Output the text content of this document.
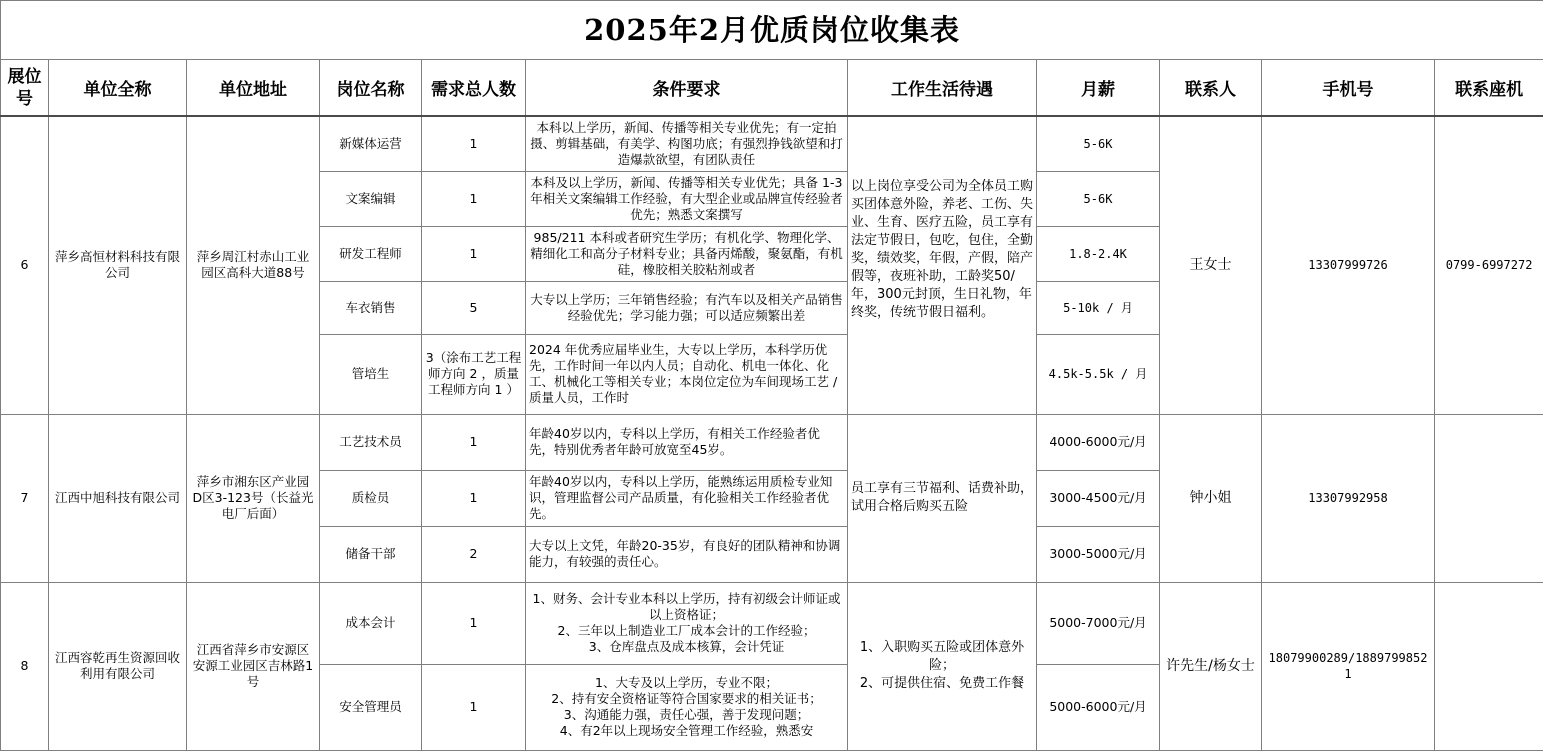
2025年2月优质岗位收集表										
展位号	单位全称	单位地址	岗位名称	需求总人数	条件要求	工作生活待遇	月薪	联系人	手机号	联系座机
6	萍乡高恒材料科技有限公司	萍乡周江村赤山工业园区高科大道88号	新媒体运营	1	本科以上学历，新闻、传播等相关专业优先；有一定拍摄、剪辑基础，有美学、构图功底；有强烈挣钱欲望和打造爆款欲望，有团队责任	以上岗位享受公司为全体员工购买团体意外险，养老、工伤、失业、生育、医疗五险，员工享有法定节假日，包吃，包住，全勤奖，绩效奖，年假，产假，陪产假等，夜班补助，工龄奖50/年，300元封顶，生日礼物，年终奖，传统节假日福利。	5-6K	王女士	13307999726	0799-6997272
			文案编辑	1	本科及以上学历，新闻、传播等相关专业优先；具备 1-3 年相关文案编辑工作经验，有大型企业或品牌宣传经验者优先；熟悉文案撰写		5-6K			
			研发工程师	1	985/211 本科或者研究生学历；有机化学、物理化学、精细化工和高分子材料专业；具备丙烯酸，聚氨酯，有机硅，橡胶相关胶粘剂或者		1.8-2.4K			
			车衣销售	5	大专以上学历；三年销售经验；有汽车以及相关产品销售经验优先；学习能力强；可以适应频繁出差		5-10k / 月			
			管培生	3（涂布工艺工程师方向 2 ，质量工程师方向 1 ）	2024 年优秀应届毕业生，大专以上学历，本科学历优先，工作时间一年以内人员；自动化、机电一体化、化工、机械化工等相关专业；本岗位定位为车间现场工艺 / 质量人员，工作时		4.5k-5.5k / 月			
7	江西中旭科技有限公司	萍乡市湘东区产业园D区3-123号（长益光电厂后面）	工艺技术员	1	年龄40岁以内，专科以上学历，有相关工作经验者优先，特别优秀者年龄可放宽至45岁。	员工享有三节福利、话费补助，试用合格后购买五险	4000-6000元/月	钟小姐	13307992958	
			质检员	1	年龄40岁以内，专科以上学历，能熟练运用质检专业知识，管理监督公司产品质量，有化验相关工作经验者优先。		3000-4500元/月			
			储备干部	2	大专以上文凭，年龄20-35岁，有良好的团队精神和协调能力，有较强的责任心。		3000-5000元/月			
8	江西容乾再生资源回收利用有限公司	江西省萍乡市安源区安源工业园区吉林路1号	成本会计	1	1、财务、会计专业本科以上学历，持有初级会计师证或以上资格证；
2、三年以上制造业工厂成本会计的工作经验；
3、仓库盘点及成本核算，会计凭证	1、入职购买五险或团体意外险；
2、可提供住宿、免费工作餐	5000-7000元/月	许先生/杨女士	18079900289/18897998521	
			安全管理员	1	1、大专及以上学历，专业不限；
2、持有安全资格证等符合国家要求的相关证书；
3、沟通能力强，责任心强，善于发现问题；
4、有2年以上现场安全管理工作经验，熟悉安		5000-6000元/月			
